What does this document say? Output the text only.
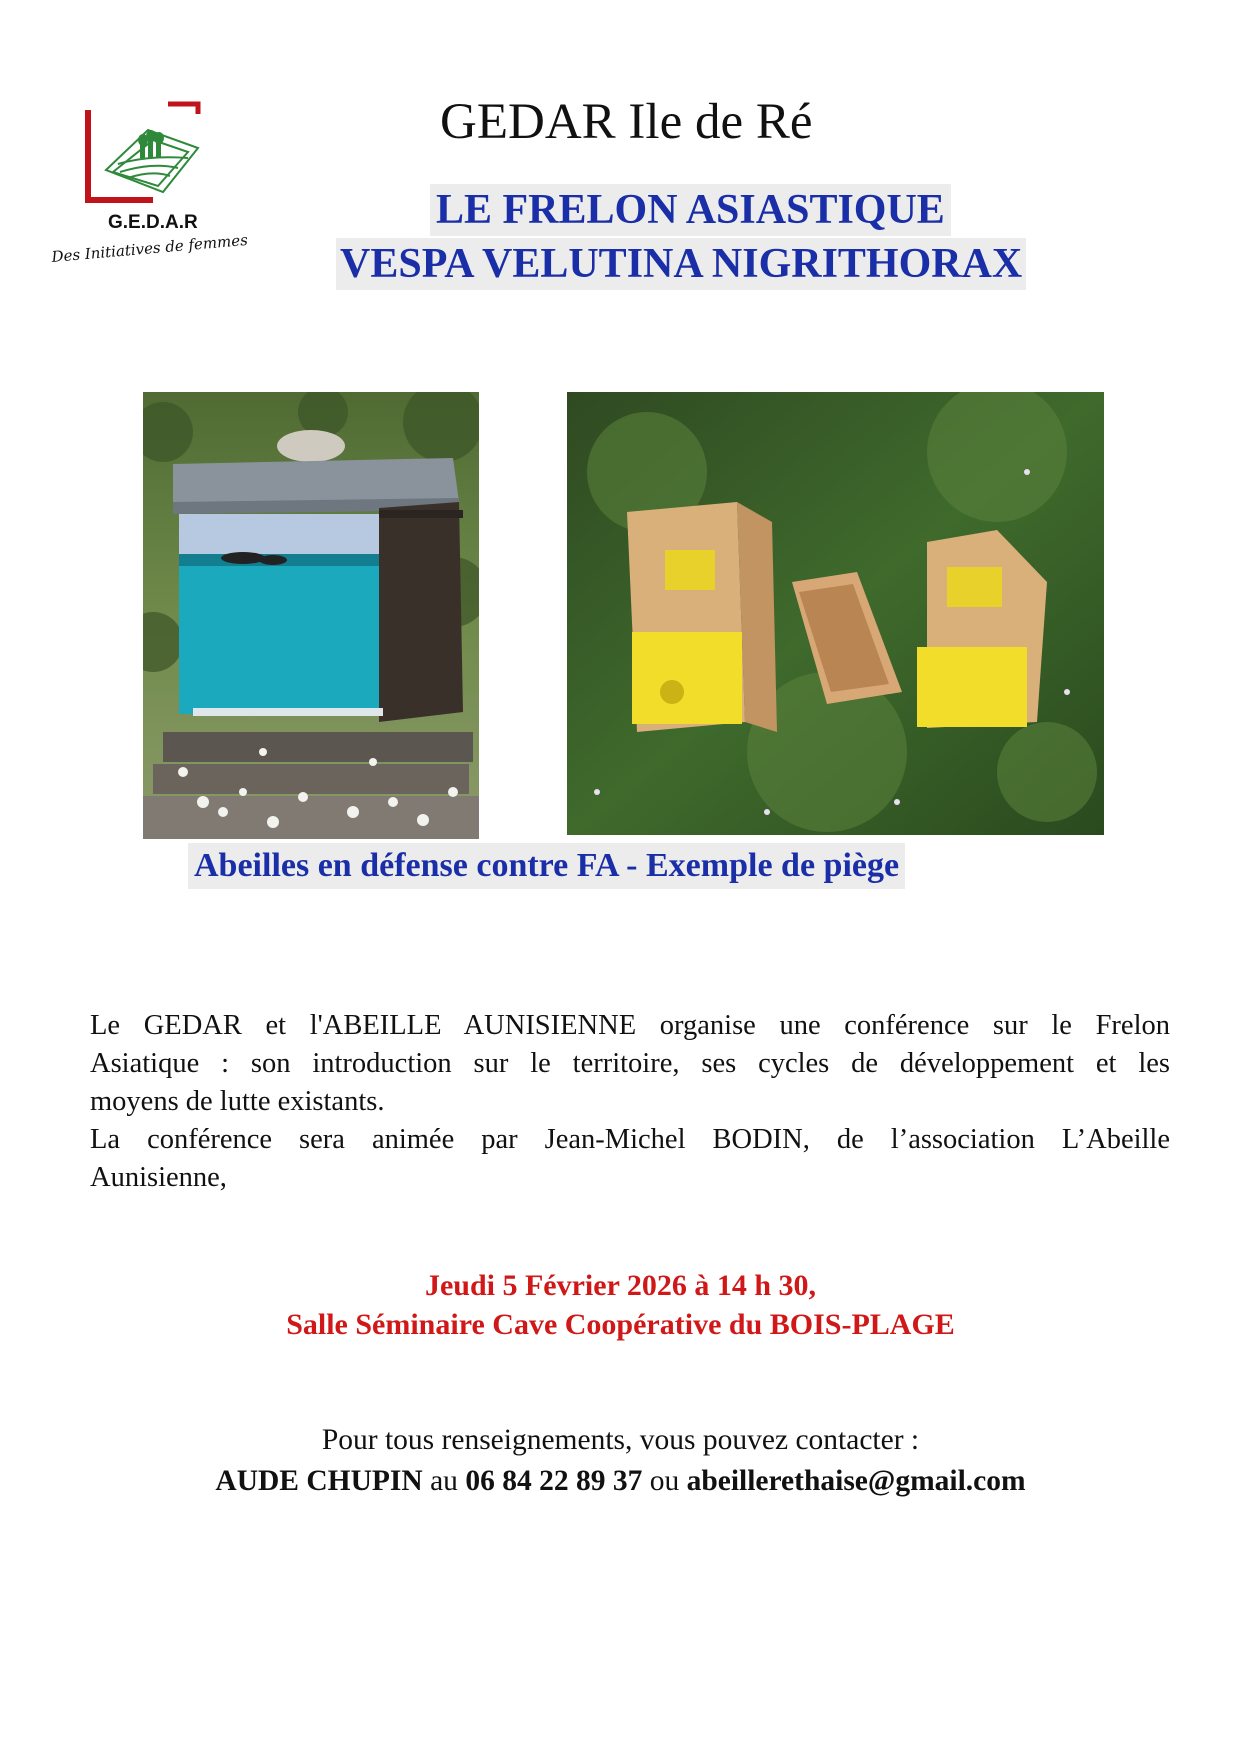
G.E.D.A.R
Des Initiatives de femmes
GEDAR Ile de Ré
LE FRELON ASIASTIQUE
VESPA VELUTINA NIGRITHORAX
Abeilles en défense contre FA - Exemple de piège

Le GEDAR et l'ABEILLE AUNISIENNE organise une conférence sur le Frelon

Asiatique : son introduction sur le territoire, ses cycles de développement et les

moyens de lutte existants.

La conférence sera animée par Jean-Michel BODIN, de l’association L’Abeille

Aunisienne,

Jeudi 5 Février 2026 à 14 h 30,
Salle Séminaire Cave Coopérative du BOIS-PLAGE
Pour tous renseignements, vous pouvez contacter :
AUDE CHUPIN au 06 84 22 89 37 ou abeillerethaise@gmail.com
